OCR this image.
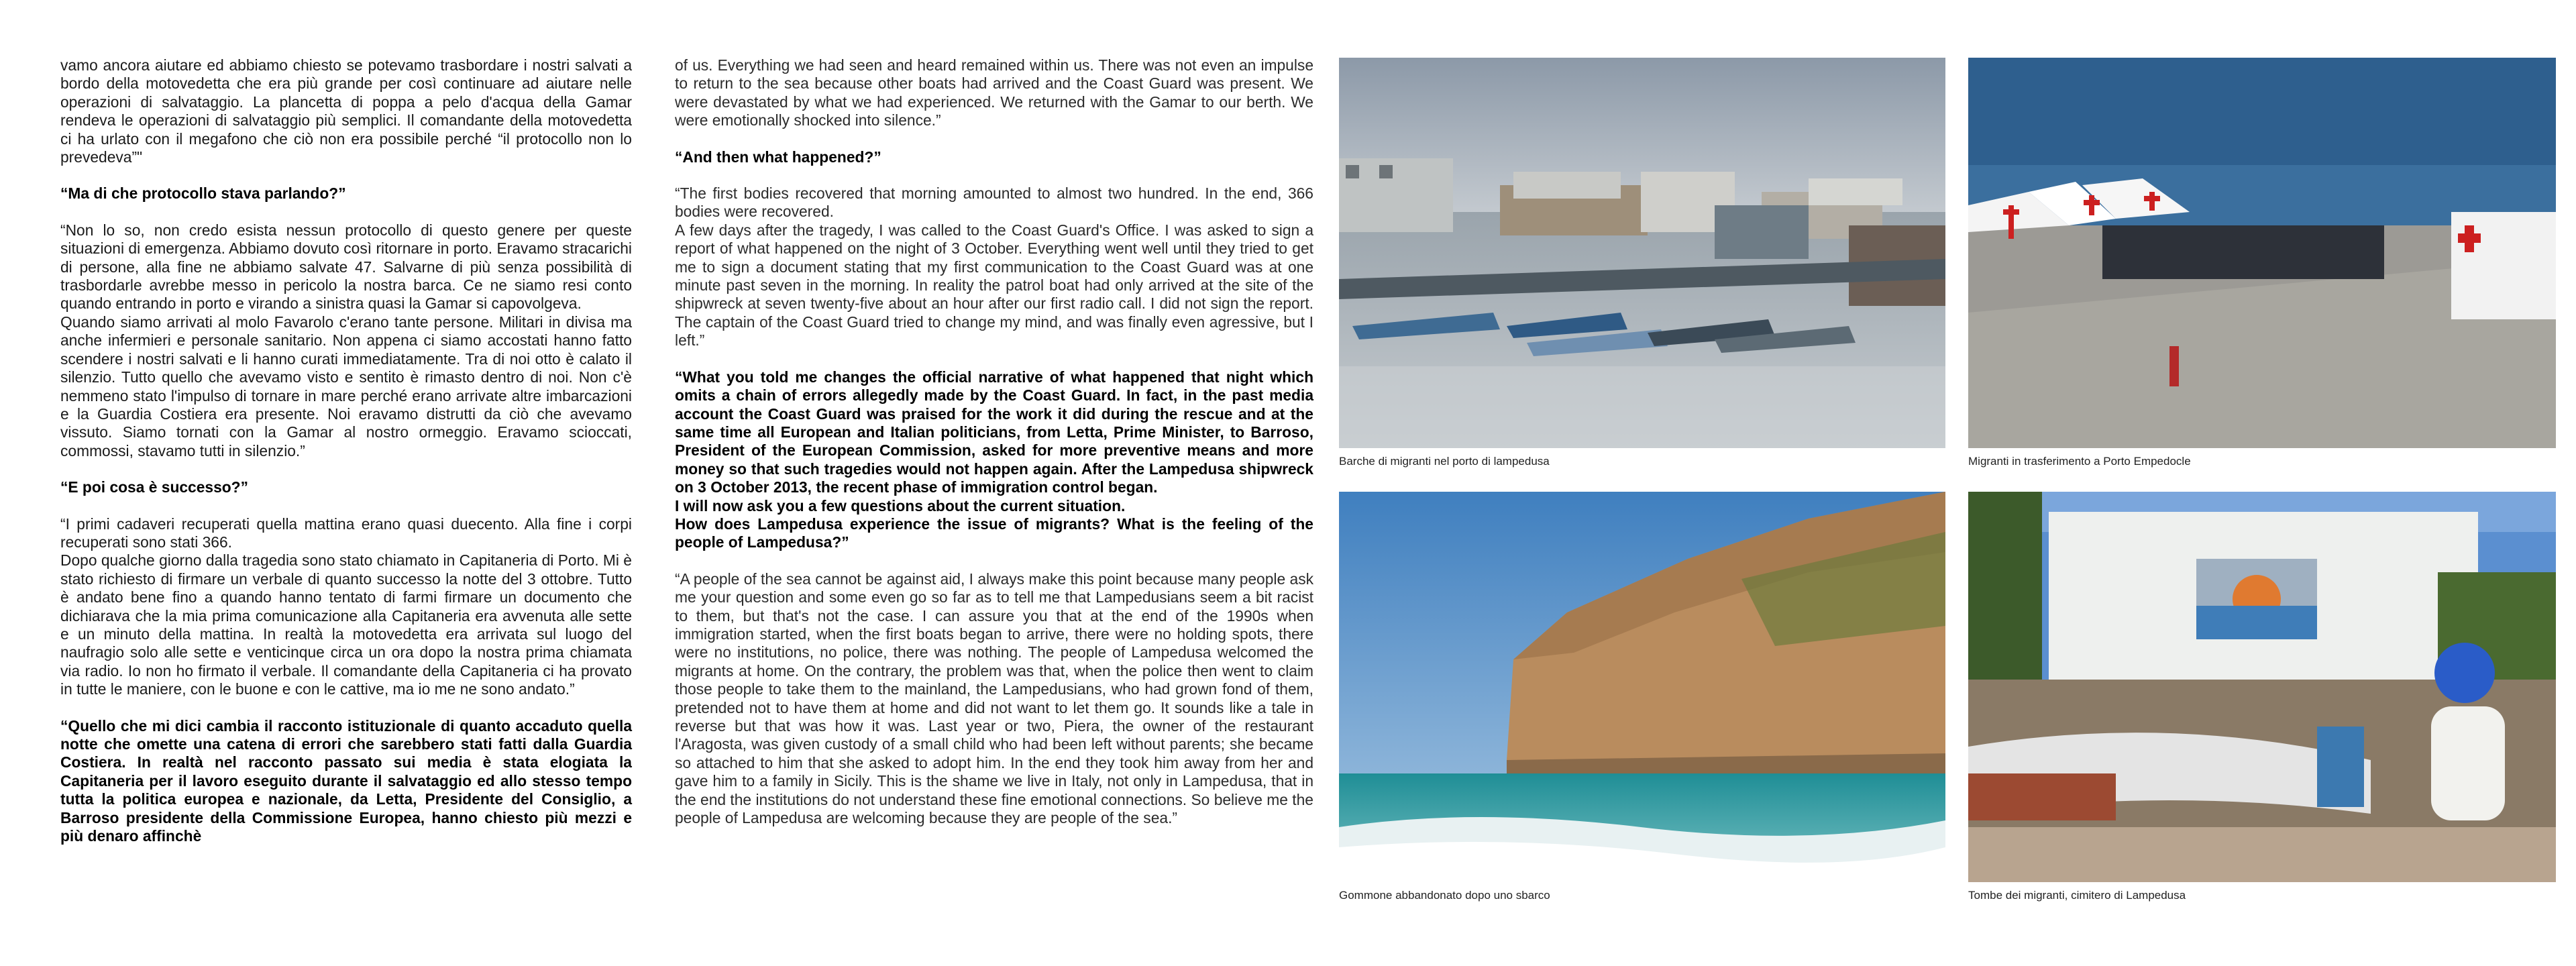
vamo ancora aiutare ed abbiamo chiesto se potevamo trasbordare i nostri salvati a bordo della motovedetta che era più grande per così continuare ad aiutare nelle operazioni di salvataggio. La plancetta di poppa a pelo d'acqua della Gamar rendeva le operazioni di salvataggio più semplici. Il comandante della motovedetta ci ha urlato con il megafono che ciò non era possibile perché “il protocollo non lo prevedeva”"

“Ma di che protocollo stava parlando?”

“Non lo so, non credo esista nessun protocollo di questo genere per queste situazioni di emergenza. Abbiamo dovuto così ritornare in porto. Eravamo stracarichi di persone, alla fine ne abbiamo salvate 47. Salvarne di più senza possibilità di trasbordarle avrebbe messo in pericolo la nostra barca. Ce ne siamo resi conto quando entrando in porto e virando a sinistra quasi la Gamar si capovolgeva.
Quando siamo arrivati al molo Favarolo c'erano tante persone. Militari in divisa ma anche infermieri e personale sanitario. Non appena ci siamo accostati hanno fatto scendere i nostri salvati e li hanno curati immediatamente. Tra di noi otto è calato il silenzio. Tutto quello che avevamo visto e sentito è rimasto dentro di noi. Non c'è nemmeno stato l'impulso di tornare in mare perché erano arrivate altre imbarcazioni e la Guardia Costiera era presente. Noi eravamo distrutti da ciò che avevamo vissuto. Siamo tornati con la Gamar al nostro ormeggio. Eravamo scioccati, commossi, stavamo tutti in silenzio.”

“E poi cosa è successo?”

“I primi cadaveri recuperati quella mattina erano quasi duecento. Alla fine i corpi recuperati sono stati 366.
Dopo qualche giorno dalla tragedia sono stato chiamato in Capitaneria di Porto. Mi è stato richiesto di firmare un verbale di quanto successo la notte del 3 ottobre. Tutto è andato bene fino a quando hanno tentato di farmi firmare un documento che dichiarava che la mia prima comunicazione alla Capitaneria era avvenuta alle sette e un minuto della mattina. In realtà la motovedetta era arrivata sul luogo del naufragio solo alle sette e venticinque circa un ora dopo la nostra prima chiamata via radio. Io non ho firmato il verbale. Il comandante della Capitaneria ci ha provato in tutte le maniere, con le buone e con le cattive, ma io me ne sono andato.”

“Quello che mi dici cambia il racconto istituzionale di quanto accaduto quella notte che omette una catena di errori che sarebbero stati fatti dalla Guardia Costiera. In realtà nel racconto passato sui media è stata elogiata la Capitaneria per il lavoro eseguito durante il salvataggio ed allo stesso tempo tutta la politica europea e nazionale, da Letta, Presidente del Consiglio, a Barroso presidente della Commissione Europea, hanno chiesto più mezzi e più denaro affinchè

of us. Everything we had seen and heard remained within us. There was not even an impulse to return to the sea because other boats had arrived and the Coast Guard was present. We were devastated by what we had experienced. We returned with the Gamar to our berth. We were emotionally shocked into silence.”

“And then what happened?”

“The first bodies recovered that morning amounted to almost two hundred. In the end, 366 bodies were recovered.
A few days after the tragedy, I was called to the Coast Guard's Office. I was asked to sign a report of what happened on the night of 3 October. Everything went well until they tried to get me to sign a document stating that my first communication to the Coast Guard was at one minute past seven in the morning. In reality the patrol boat had only arrived at the site of the shipwreck at seven twenty-five about an hour after our first radio call. I did not sign the report. The captain of the Coast Guard tried to change my mind, and was finally even agressive, but I left.”

“What you told me changes the official narrative of what happened that night which omits a chain of errors allegedly made by the Coast Guard. In fact, in the past media account the Coast Guard was praised for the work it did during the rescue and at the same time all European and Italian politicians, from Letta, Prime Minister, to Barroso, President of the European Commission, asked for more preventive means and more money so that such tragedies would not happen again. After the Lampedusa shipwreck on 3 October 2013, the recent phase of immigration control began.
I will now ask you a few questions about the current situation.
How does Lampedusa experience the issue of migrants? What is the feeling of the people of Lampedusa?”

“A people of the sea cannot be against aid, I always make this point because many people ask me your question and some even go so far as to tell me that Lampedusians seem a bit racist to them, but that's not the case. I can assure you that at the end of the 1990s when immigration started, when the first boats began to arrive, there were no holding spots, there were no institutions, no police, there was nothing. The people of Lampedusa welcomed the migrants at home. On the contrary, the problem was that, when the police then went to claim those people to take them to the mainland, the Lampedusians, who had grown fond of them, pretended not to have them at home and did not want to let them go. It sounds like a tale in reverse but that was how it was. Last year or two, Piera, the owner of the restaurant l'Aragosta, was given custody of a small child who had been left without parents; she became so attached to him that she asked to adopt him. In the end they took him away from her and gave him to a family in Sicily. This is the shame we live in Italy, not only in Lampedusa, that in the end the institutions do not understand these fine emotional connections. So believe me the people of Lampedusa are welcoming because they are people of the sea.”

Barche di migranti nel porto di lampedusa	Migranti in trasferimento a Porto Empedocle
Gommone abbandonato dopo uno sbarco	Tombe dei migranti, cimitero di Lampedusa
